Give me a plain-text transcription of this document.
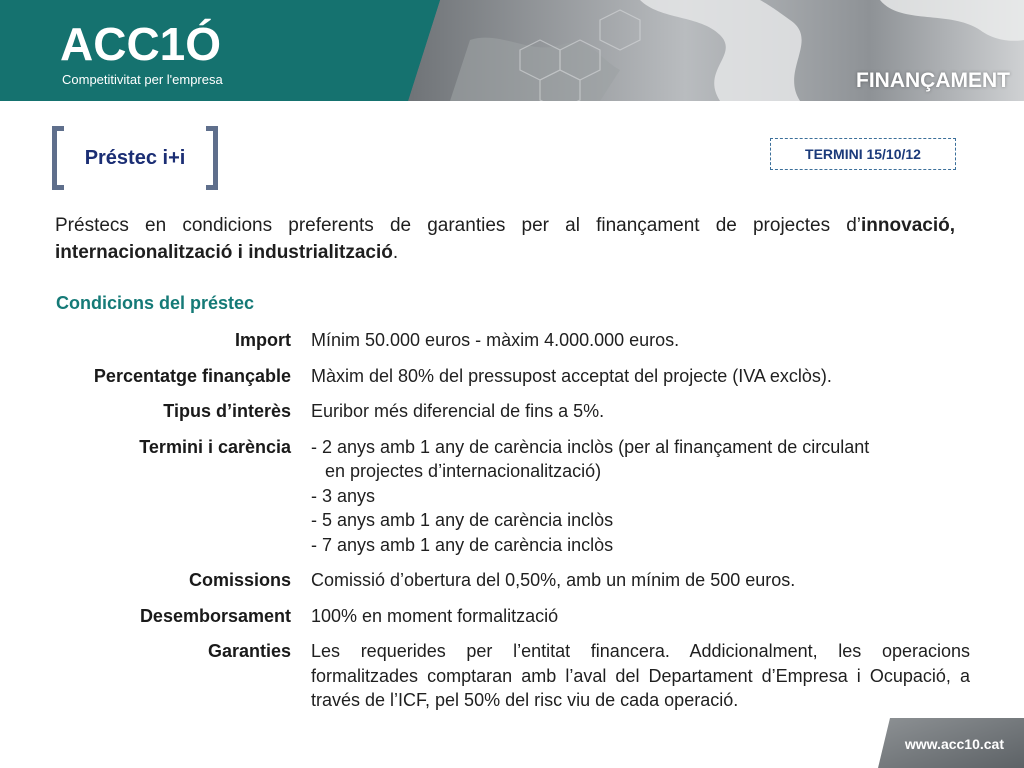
ACC1Ó
Competitivitat per l'empresa	FINANÇAMENT
Préstec i+i	TERMINI 15/10/12

Préstecs en condicions preferents de garanties per al finançament de projectes d’innovació, internacionalització i industrialització.

Condicions del préstec
Import Mínim 50.000 euros - màxim 4.000.000 euros.
Percentatge finançable Màxim del 80% del pressupost acceptat del projecte (IVA exclòs).
Tipus d’interès Euribor més diferencial de fins a 5%.
Termini i carència - 2 anys amb 1 any de carència inclòs (per al finançament de circulant
en projectes d’internacionalització)
- 3 anys
- 5 anys amb 1 any de carència inclòs
- 7 anys amb 1 any de carència inclòs
Comissions Comissió d’obertura del 0,50%, amb un mínim de 500 euros.
Desemborsament 100% en moment formalització
Garanties Les requerides per l’entitat financera. Addicionalment, les operacions formalitzades comptaran amb l’aval del Departament d’Empresa i Ocupació, a través de l’ICF, pel 50% del risc viu de cada operació.
www.acc10.cat
